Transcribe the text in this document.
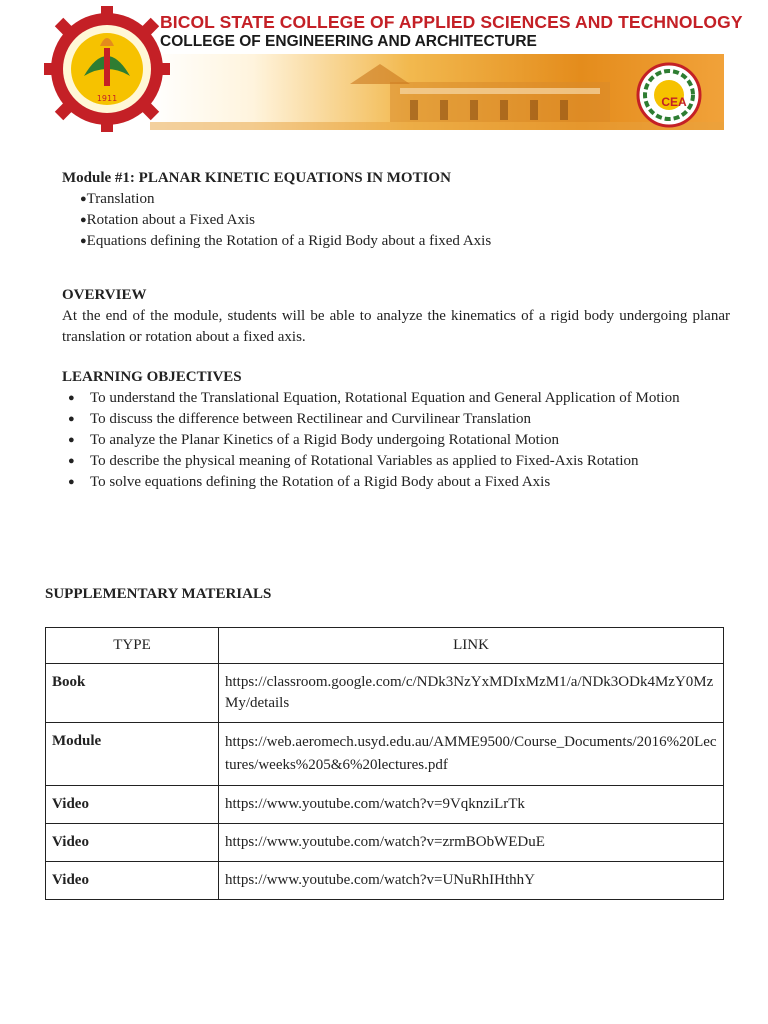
1911
BICOL STATE COLLEGE OF APPLIED SCIENCES AND TECHNOLOGY
COLLEGE OF ENGINEERING AND ARCHITECTURE
CEA

Module #1: PLANAR KINETIC EQUATIONS IN MOTION

● Translation
● Rotation about a Fixed Axis
● Equations defining the Rotation of a Rigid Body about a fixed Axis

OVERVIEW

At the end of the module, students will be able to analyze the kinematics of a rigid body undergoing planar translation or rotation about a fixed axis.

LEARNING OBJECTIVES

● To understand the Translational Equation, Rotational Equation and General Application of Motion
● To discuss the difference between Rectilinear and Curvilinear Translation
● To analyze the Planar Kinetics of a Rigid Body undergoing Rotational Motion
● To describe the physical meaning of Rotational Variables as applied to Fixed-Axis Rotation
● To solve equations defining the Rotation of a Rigid Body about a Fixed Axis
SUPPLEMENTARY MATERIALS
TYPE	LINK
Book	https://classroom.google.com/c/NDk3NzYxMDIxMzM1/a/NDk3ODk4MzY0MzMy/details
Module	https://web.aeromech.usyd.edu.au/AMME9500/Course_Documents/2016%20Lectures/weeks%205&6%20lectures.pdf
Video	https://www.youtube.com/watch?v=9VqknziLrTk
Video	https://www.youtube.com/watch?v=zrmBObWEDuE
Video	https://www.youtube.com/watch?v=UNuRhIHthhY
